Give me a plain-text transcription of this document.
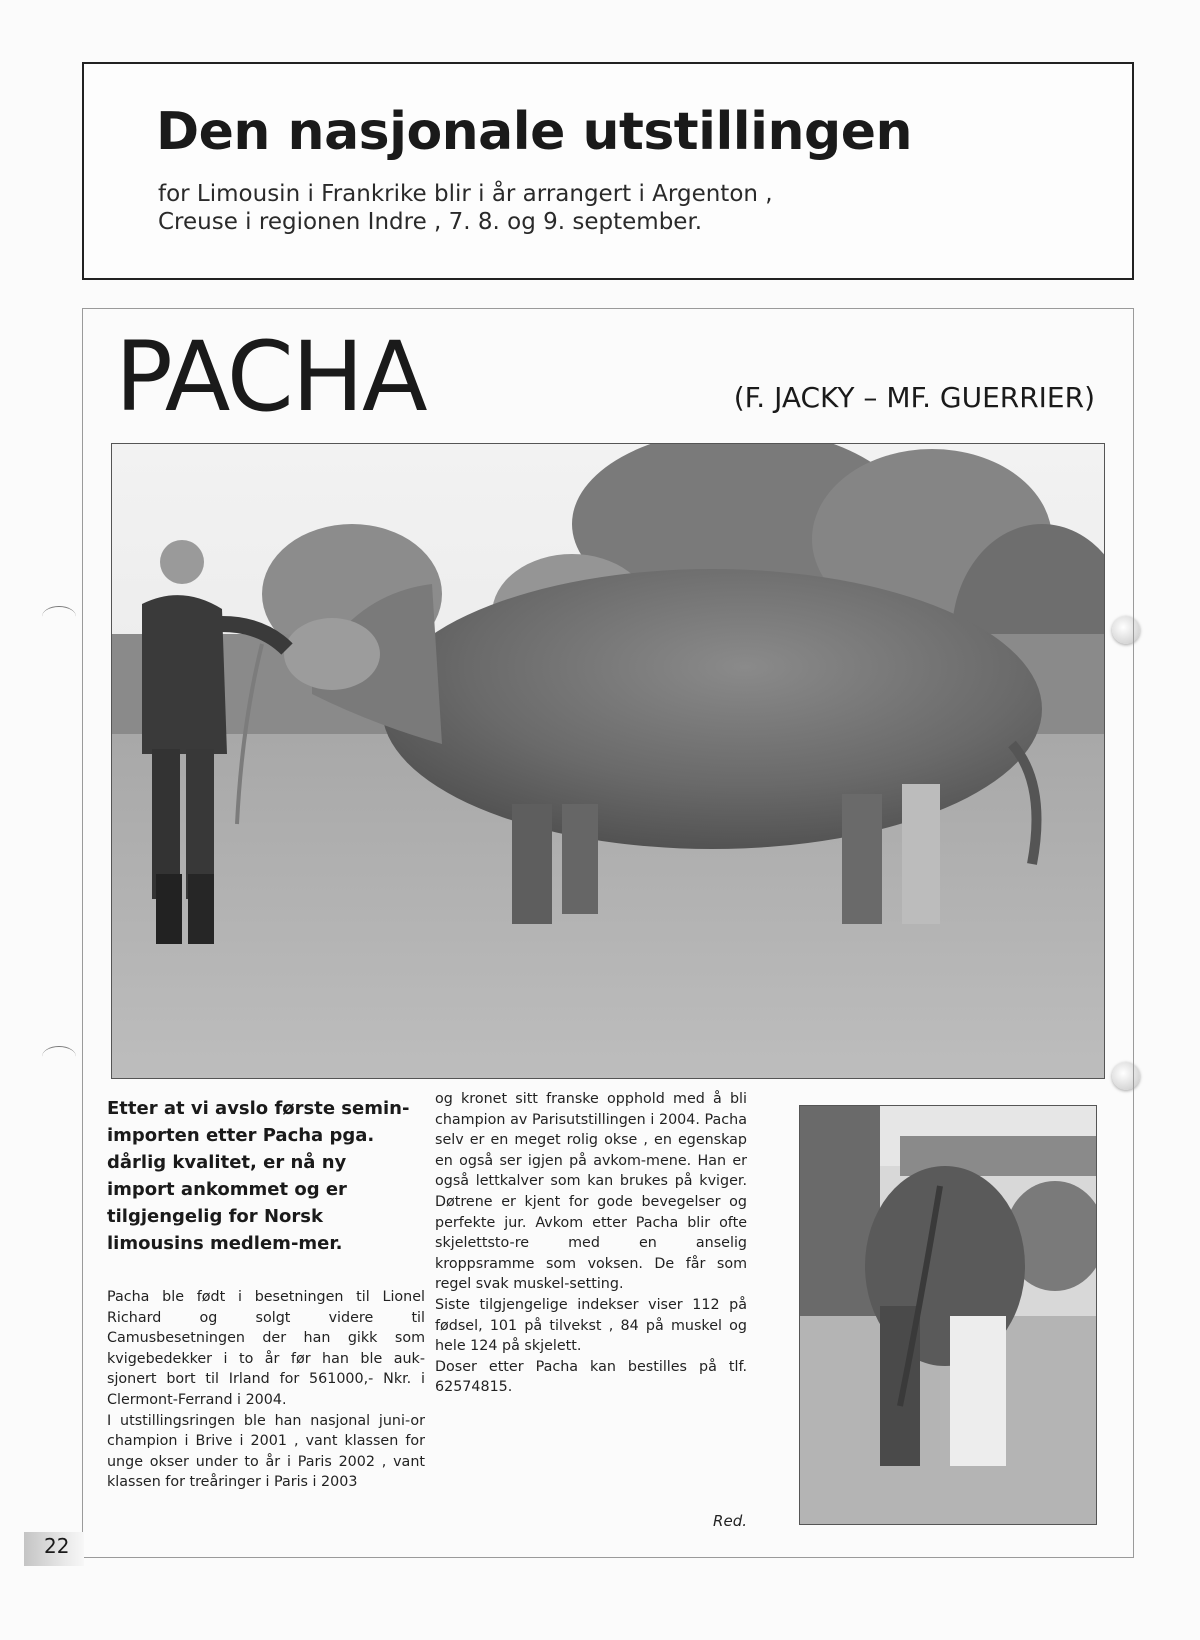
Den nasjonale utstillingen

for Limousin i Frankrike blir i år arrangert i Argenton ,
Creuse i regionen Indre , 7. 8. og 9. september.

PACHA	(F. JACKY – MF. GUERRIER)

Etter at vi avslo første semin-importen etter Pacha pga. dårlig kvalitet, er nå ny import ankommet og er tilgjengelig for Norsk limousins medlem-mer.

Pacha ble født i besetningen til Lionel Richard og solgt videre til Camusbesetningen der han gikk som kvigebedekker i to år før han ble auk-sjonert bort til Irland for 561000,- Nkr. i Clermont-Ferrand i 2004.

I utstillingsringen ble han nasjonal juni-or champion i Brive i 2001 , vant klassen for unge okser under to år i Paris 2002 , vant klassen for treåringer i Paris i 2003

og kronet sitt franske opphold med å bli champion av Parisutstillingen i 2004. Pacha selv er en meget rolig okse , en egenskap en også ser igjen på avkom-mene. Han er også lettkalver som kan brukes på kviger. Døtrene er kjent for gode bevegelser og perfekte jur. Avkom etter Pacha blir ofte skjelettsto-re med en anselig kroppsramme som voksen. De får som regel svak muskel-setting.

Siste tilgjengelige indekser viser 112 på fødsel, 101 på tilvekst , 84 på muskel og hele 124 på skjelett.

Doser etter Pacha kan bestilles på tlf. 62574815.

Red.

22
